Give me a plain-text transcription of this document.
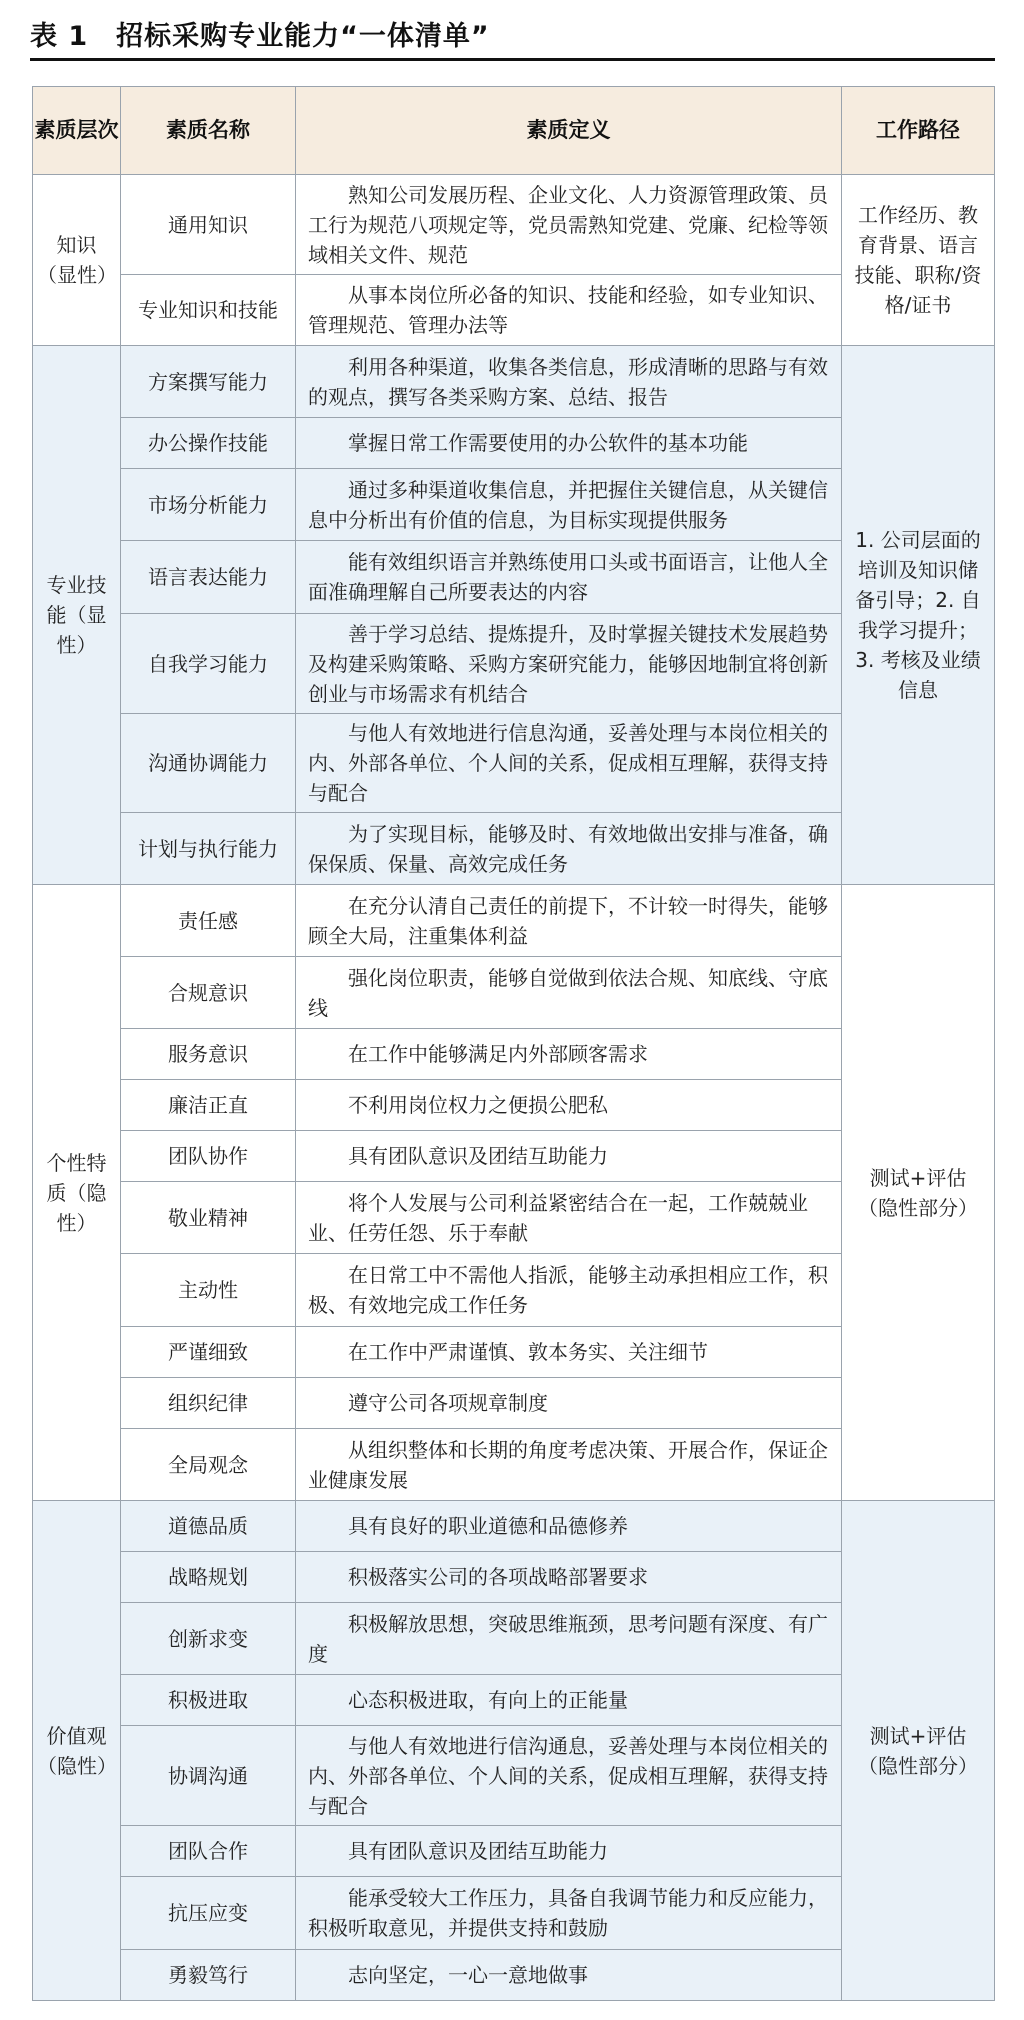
表 1　招标采购专业能力“一体清单”
素质层次	素质名称	素质定义	工作路径
知识（显性）	通用知识	熟知公司发展历程、企业文化、人力资源管理政策、员工行为规范八项规定等，党员需熟知党建、党廉、纪检等领域相关文件、规范	工作经历、教育背景、语言技能、职称/资格/证书
	专业知识和技能	从事本岗位所必备的知识、技能和经验，如专业知识、管理规范、管理办法等	
专业技能（显性）	方案撰写能力	利用各种渠道，收集各类信息，形成清晰的思路与有效的观点，撰写各类采购方案、总结、报告	1. 公司层面的培训及知识储备引导；2. 自我学习提升；3. 考核及业绩信息
	办公操作技能	掌握日常工作需要使用的办公软件的基本功能	
	市场分析能力	通过多种渠道收集信息，并把握住关键信息，从关键信息中分析出有价值的信息，为目标实现提供服务	
	语言表达能力	能有效组织语言并熟练使用口头或书面语言，让他人全面准确理解自己所要表达的内容	
	自我学习能力	善于学习总结、提炼提升，及时掌握关键技术发展趋势及构建采购策略、采购方案研究能力，能够因地制宜将创新创业与市场需求有机结合	
	沟通协调能力	与他人有效地进行信息沟通，妥善处理与本岗位相关的内、外部各单位、个人间的关系，促成相互理解，获得支持与配合	
	计划与执行能力	为了实现目标，能够及时、有效地做出安排与准备，确保保质、保量、高效完成任务	
个性特质（隐性）	责任感	在充分认清自己责任的前提下，不计较一时得失，能够顾全大局，注重集体利益	测试+评估（隐性部分）
	合规意识	强化岗位职责，能够自觉做到依法合规、知底线、守底线	
	服务意识	在工作中能够满足内外部顾客需求	
	廉洁正直	不利用岗位权力之便损公肥私	
	团队协作	具有团队意识及团结互助能力	
	敬业精神	将个人发展与公司利益紧密结合在一起，工作兢兢业业、任劳任怨、乐于奉献	
	主动性	在日常工中不需他人指派，能够主动承担相应工作，积极、有效地完成工作任务	
	严谨细致	在工作中严肃谨慎、敦本务实、关注细节	
	组织纪律	遵守公司各项规章制度	
	全局观念	从组织整体和长期的角度考虑决策、开展合作，保证企业健康发展	
价值观（隐性）	道德品质	具有良好的职业道德和品德修养	测试+评估（隐性部分）
	战略规划	积极落实公司的各项战略部署要求	
	创新求变	积极解放思想，突破思维瓶颈，思考问题有深度、有广度	
	积极进取	心态积极进取，有向上的正能量	
	协调沟通	与他人有效地进行信沟通息，妥善处理与本岗位相关的内、外部各单位、个人间的关系，促成相互理解，获得支持与配合	
	团队合作	具有团队意识及团结互助能力	
	抗压应变	能承受较大工作压力，具备自我调节能力和反应能力，积极听取意见，并提供支持和鼓励	
	勇毅笃行	志向坚定，一心一意地做事	
